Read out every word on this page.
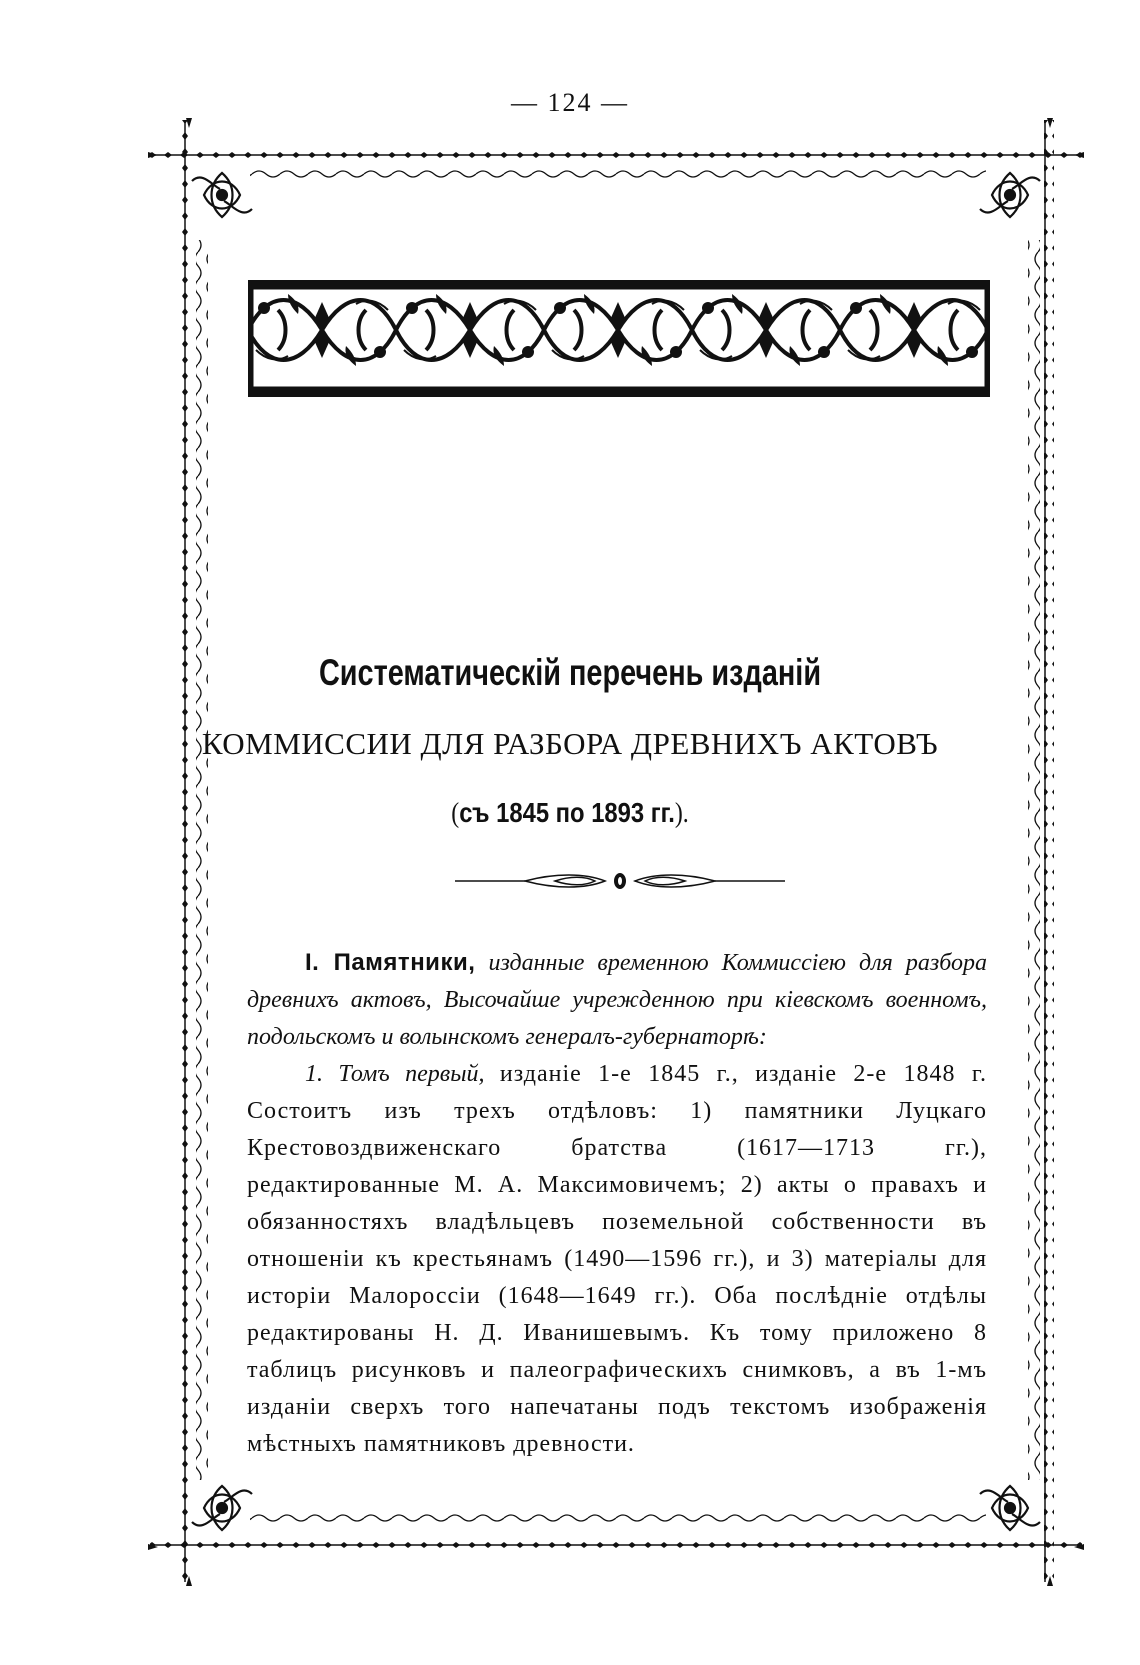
— 124 —
Систематическій перечень изданій
КОММИССИИ ДЛЯ РАЗБОРА ДРЕВНИХЪ АКТОВЪ
(съ 1845 по 1893 гг.).

I. Памятники, изданные временною Коммиссіею для разбора древнихъ актовъ, Высочайше учрежденною при кіевскомъ военномъ, подольскомъ и волынскомъ генералъ-губернаторѣ:

1. Томъ первый, изданіе 1-е 1845 г., изданіе 2-е 1848 г. Состоитъ изъ трехъ отдѣловъ: 1) памятники Луцкаго Крестовоздвиженскаго братства (1617—1713 гг.), редактированные М. А. Максимовичемъ; 2) акты о правахъ и обязанностяхъ владѣльцевъ поземельной собственности въ отношеніи къ крестьянамъ (1490—1596 гг.), и 3) матеріалы для исторіи Малороссіи (1648—1649 гг.). Оба послѣдніе отдѣлы редактированы Н. Д. Иванишевымъ. Къ тому приложено 8 таблицъ рисунковъ и палеографическихъ снимковъ, а въ 1-мъ изданіи сверхъ того напечатаны подъ текстомъ изображенія мѣстныхъ памятниковъ древности.
